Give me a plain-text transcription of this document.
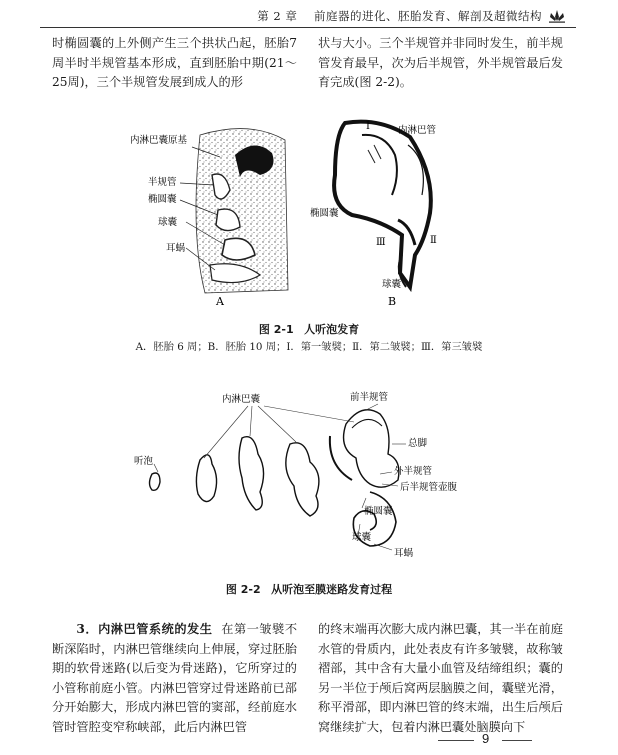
第 2 章 前庭器的进化、胚胎发育、解剖及超微结构

时椭圆囊的上外侧产生三个拱状凸起，胚胎7周半时半规管基本形成，直到胚胎中期(21～25周)，三个半规管发展到成人的形

状与大小。三个半规管并非同时发生，前半规管发育最早，次为后半规管，外半规管最后发育完成(图 2-2)。

内淋巴囊原基
半规管
椭圆囊
球囊
耳蜗
A
Ⅰ	内淋巴管
椭圆囊
Ⅲ	Ⅱ
球囊
B
图 2-1 人听泡发育
A．胚胎 6 周；B．胚胎 10 周；Ⅰ．第一皱襞；Ⅱ．第二皱襞；Ⅲ．第三皱襞
内淋巴囊	前半规管
总脚
听泡
外半规管
后半规管壶腹
椭圆囊
球囊
耳蜗
图 2-2 从听泡至膜迷路发育过程

3．内淋巴管系统的发生 在第一皱襞不断深陷时，内淋巴管继续向上伸展，穿过胚胎期的软骨迷路(以后变为骨迷路)，它所穿过的小管称前庭小管。内淋巴管穿过骨迷路前已部分开始膨大，形成内淋巴管的窦部，经前庭水管时管腔变窄称峡部，此后内淋巴管

的终末端再次膨大成内淋巴囊，其一半在前庭水管的骨质内，此处表皮有许多皱襞，故称皱褶部，其中含有大量小血管及结缔组织；囊的另一半位于颅后窝两层脑膜之间，囊壁光滑，称平滑部，即内淋巴管的终末端，出生后颅后窝继续扩大，包着内淋巴囊处脑膜向下

9
